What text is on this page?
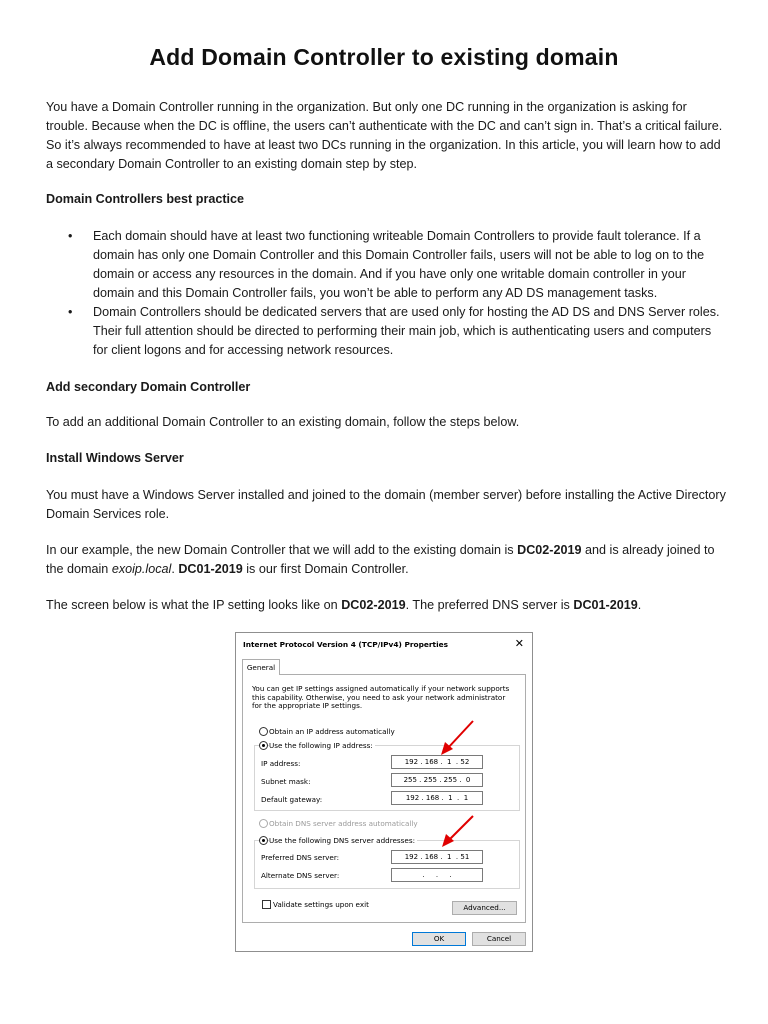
Add Domain Controller to existing domain

You have a Domain Controller running in the organization. But only one DC running in the organization is asking for trouble. Because when the DC is offline, the users can’t authenticate with the DC and can’t sign in. That’s a critical failure. So it’s always recommended to have at least two DCs running in the organization. In this article, you will learn how to add a secondary Domain Controller to an existing domain step by step.

Domain Controllers best practice

• Each domain should have at least two functioning writeable Domain Controllers to provide fault tolerance. If a domain has only one Domain Controller and this Domain Controller fails, users will not be able to log on to the domain or access any resources in the domain. And if you have only one writable domain controller in your domain and this Domain Controller fails, you won’t be able to perform any AD DS management tasks.
• Domain Controllers should be dedicated servers that are used only for hosting the AD DS and DNS Server roles. Their full attention should be directed to performing their main job, which is authenticating users and computers for client logons and for accessing network resources.

Add secondary Domain Controller

To add an additional Domain Controller to an existing domain, follow the steps below.

Install Windows Server

You must have a Windows Server installed and joined to the domain (member server) before installing the Active Directory Domain Services role.

In our example, the new Domain Controller that we will add to the existing domain is DC02-2019 and is already joined to the domain exoip.local. DC01-2019 is our first Domain Controller.

The screen below is what the IP setting looks like on DC02-2019. The preferred DNS server is DC01-2019.

Internet Protocol Version 4 (TCP/IPv4) Properties	✕
General
You can get IP settings assigned automatically if your network supports this capability. Otherwise, you need to ask your network administrator for the appropriate IP settings.
Obtain an IP address automatically
Use the following IP address:
IP address:	192 . 168 .  1  . 52
Subnet mask:	255 . 255 . 255 .  0
Default gateway:	192 . 168 .  1  .  1
Obtain DNS server address automatically
Use the following DNS server addresses:
Preferred DNS server:	192 . 168 .  1  . 51
Alternate DNS server:	.     .     .
Validate settings upon exit	Advanced...
OK	Cancel
